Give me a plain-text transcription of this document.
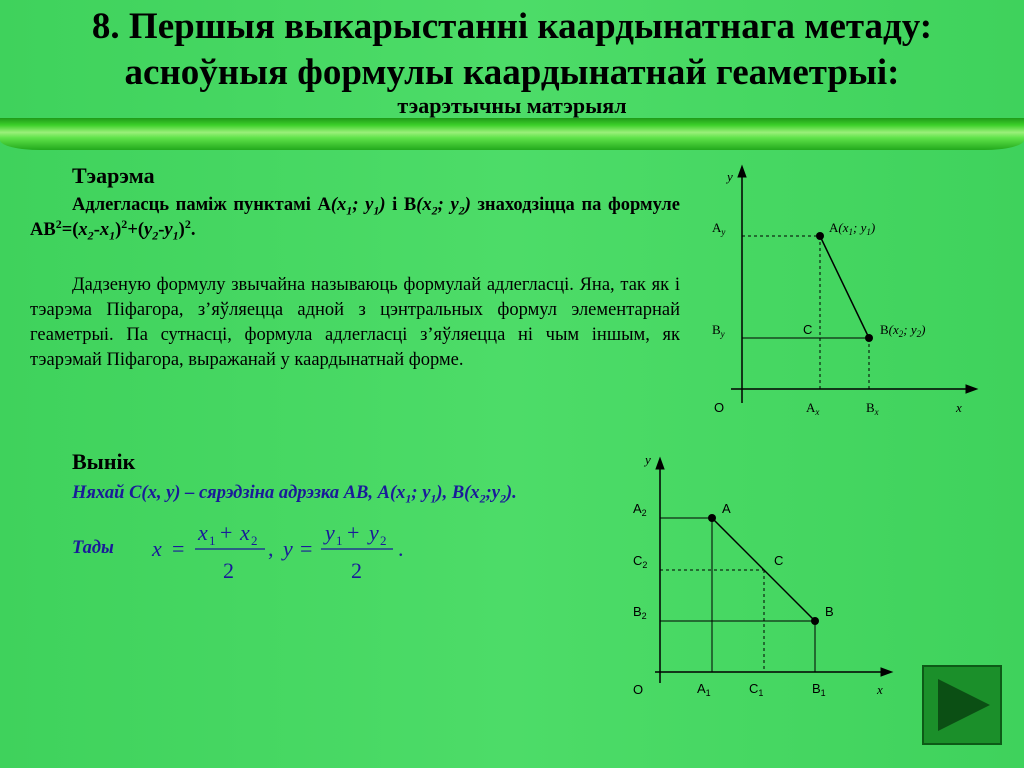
8. Першыя выкарыстанні каардынатнага метаду:
асноўныя формулы каардынатнай геаметрыі:
тэарэтычны матэрыял
Тэарэма
Адлегласць паміж пунктамі $А(x_1$; $y_1$) і $В(x_2$; $y_2$) знаходзіцца па формуле $АВ^2=(x_2-x_1)^2+(y_2-y_1)^2$.
Дадзеную формулу звычайна называюць формулай адлегласці. Яна, так як і тэарэма Піфагора, з’яўляецца адной з цэнтральных формул элементарнай геаметрыі. Па сутнасці, формула адлегласці з’яўляецца ні чым іншым, як тэарэмай Піфагора, выражанай у каардынатнай форме.
Вынік
Няхай С(х, у) – сярэдзіна адрэзка АВ, $А(х_1$; $у_1$), $В(х_2;у_2)$.
Тады x =
x 1 + x 2
2
, y =
y 1 + y 2
2
.
y
x
O
$A_y$
$B_y$
$A_x$	$B_x$
$A(x_1$; $y_1$)
$B(x_2$; $y_2$)
C
y
x
O
A
C
B
$A_2$
$C_2$
$B_2$
$A_1$	$C_1$	$B_1$
